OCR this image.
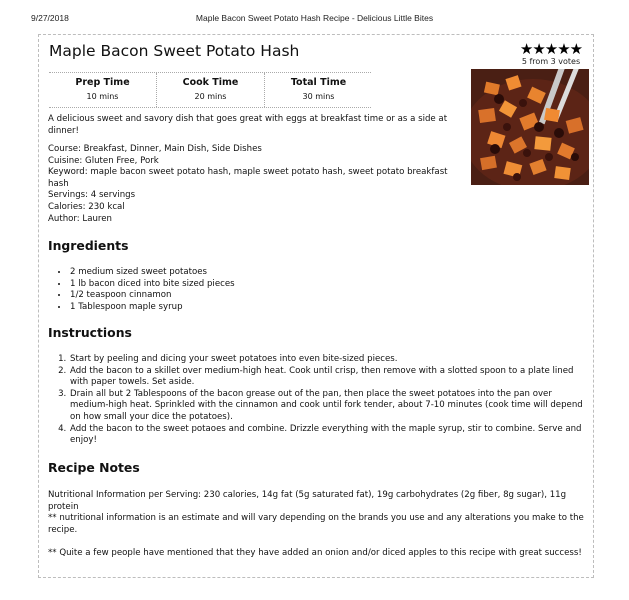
9/27/2018	Maple Bacon Sweet Potato Hash Recipe - Delicious Little Bites
Maple Bacon Sweet Potato Hash	★★★★★
5 from 3 votes
Prep Time
10 mins
Cook Time
20 mins
Total Time
30 mins

A delicious sweet and savory dish that goes great with eggs at breakfast time or as a side at dinner!

Course: Breakfast, Dinner, Main Dish, Side Dishes
Cuisine: Gluten Free, Pork
Keyword: maple bacon sweet potato hash, maple sweet potato hash, sweet potato breakfast hash
Servings: 4 servings
Calories: 230 kcal
Author: Lauren
Ingredients
• 2 medium sized sweet potatoes
• 1 lb bacon diced into bite sized pieces
• 1/2 teaspoon cinnamon
• 1 Tablespoon maple syrup
Instructions
1. Start by peeling and dicing your sweet potatoes into even bite-sized pieces.
2. Add the bacon to a skillet over medium-high heat. Cook until crisp, then remove with a slotted spoon to a plate lined with paper towels. Set aside.
3. Drain all but 2 Tablespoons of the bacon grease out of the pan, then place the sweet potatoes into the pan over medium-high heat. Sprinkled with the cinnamon and cook until fork tender, about 7-10 minutes (cook time will depend on how small your dice the potatoes).
4. Add the bacon to the sweet potaoes and combine. Drizzle everything with the maple syrup, stir to combine. Serve and enjoy!
Recipe Notes

Nutritional Information per Serving: 230 calories, 14g fat (5g saturated fat), 19g carbohydrates (2g fiber, 8g sugar), 11g protein

** nutritional information is an estimate and will vary depending on the brands you use and any alterations you make to the recipe.

** Quite a few people have mentioned that they have added an onion and/or diced apples to this recipe with great success!
